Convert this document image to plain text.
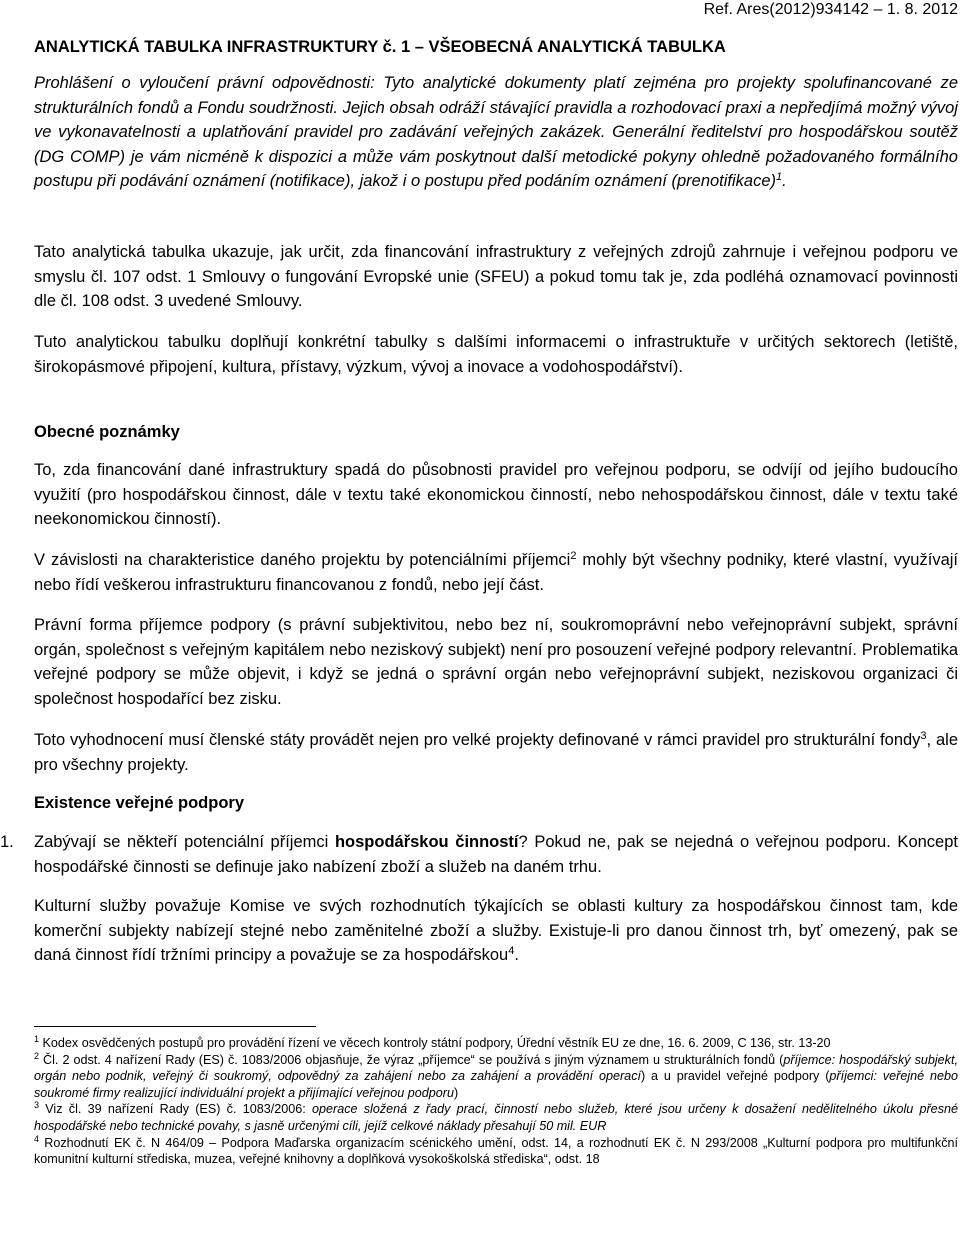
Ref. Ares(2012)934142 – 1. 8. 2012
ANALYTICKÁ TABULKA INFRASTRUKTURY č. 1 – VŠEOBECNÁ ANALYTICKÁ TABULKA
Prohlášení o vyloučení právní odpovědnosti: Tyto analytické dokumenty platí zejména pro projekty spolufinancované ze strukturálních fondů a Fondu soudržnosti. Jejich obsah odráží stávající pravidla a rozhodovací praxi a nepředjímá možný vývoj ve vykonavatelnosti a uplatňování pravidel pro zadávání veřejných zakázek. Generální ředitelství pro hospodářskou soutěž (DG COMP) je vám nicméně k dispozici a může vám poskytnout další metodické pokyny ohledně požadovaného formálního postupu při podávání oznámení (notifikace), jakož i o postupu před podáním oznámení (prenotifikace)$^1$.
Tato analytická tabulka ukazuje, jak určit, zda financování infrastruktury z veřejných zdrojů zahrnuje i veřejnou podporu ve smyslu čl. 107 odst. 1 Smlouvy o fungování Evropské unie (SFEU) a pokud tomu tak je, zda podléhá oznamovací povinnosti dle čl. 108 odst. 3 uvedené Smlouvy.
Tuto analytickou tabulku doplňují konkrétní tabulky s dalšími informacemi o infrastruktuře v určitých sektorech (letiště, širokopásmové připojení, kultura, přístavy, výzkum, vývoj a inovace a vodohospodářství).
Obecné poznámky
To, zda financování dané infrastruktury spadá do působnosti pravidel pro veřejnou podporu, se odvíjí od jejího budoucího využití (pro hospodářskou činnost, dále v textu také ekonomickou činností, nebo nehospodářskou činnost, dále v textu také neekonomickou činností).
V závislosti na charakteristice daného projektu by potenciálními příjemci$^2$ mohly být všechny podniky, které vlastní, využívají nebo řídí veškerou infrastrukturu financovanou z fondů, nebo její část.
Právní forma příjemce podpory (s právní subjektivitou, nebo bez ní, soukromoprávní nebo veřejnoprávní subjekt, správní orgán, společnost s veřejným kapitálem nebo neziskový subjekt) není pro posouzení veřejné podpory relevantní. Problematika veřejné podpory se může objevit, i když se jedná o správní orgán nebo veřejnoprávní subjekt, neziskovou organizaci či společnost hospodařící bez zisku.
Toto vyhodnocení musí členské státy provádět nejen pro velké projekty definované v rámci pravidel pro strukturální fondy$^3$, ale pro všechny projekty.
Existence veřejné podpory
1. Zabývají se někteří potenciální příjemci hospodářskou činností? Pokud ne, pak se nejedná o veřejnou podporu. Koncept hospodářské činnosti se definuje jako nabízení zboží a služeb na daném trhu.
Kulturní služby považuje Komise ve svých rozhodnutích týkajících se oblasti kultury za hospodářskou činnost tam, kde komerční subjekty nabízejí stejné nebo zaměnitelné zboží a služby. Existuje-li pro danou činnost trh, byť omezený, pak se daná činnost řídí tržními principy a považuje se za hospodářskou$^4$.

$^1$ Kodex osvědčených postupů pro provádění řízení ve věcech kontroly státní podpory, Úřední věstník EU ze dne, 16. 6. 2009, C 136, str. 13-20

$^2$ Čl. 2 odst. 4 nařízení Rady (ES) č. 1083/2006 objasňuje, že výraz „příjemce“ se používá s jiným významem u strukturálních fondů (příjemce: hospodářský subjekt, orgán nebo podnik, veřejný či soukromý, odpovědný za zahájení nebo za zahájení a provádění operací) a u pravidel veřejné podpory (příjemci: veřejné nebo soukromé firmy realizující individuální projekt a přijímající veřejnou podporu)

$^3$ Viz čl. 39 nařízení Rady (ES) č. 1083/2006: operace složená z řady prací, činností nebo služeb, které jsou určeny k dosažení nedělitelného úkolu přesné hospodářské nebo technické povahy, s jasně určenými cíli, jejíž celkové náklady přesahují 50 mil. EUR

$^4$ Rozhodnutí EK č. N 464/09 – Podpora Maďarska organizacím scénického umění, odst. 14, a rozhodnutí EK č. N 293/2008 „Kulturní podpora pro multifunkční komunitní kulturní střediska, muzea, veřejné knihovny a doplňková vysokoškolská střediska“, odst. 18
